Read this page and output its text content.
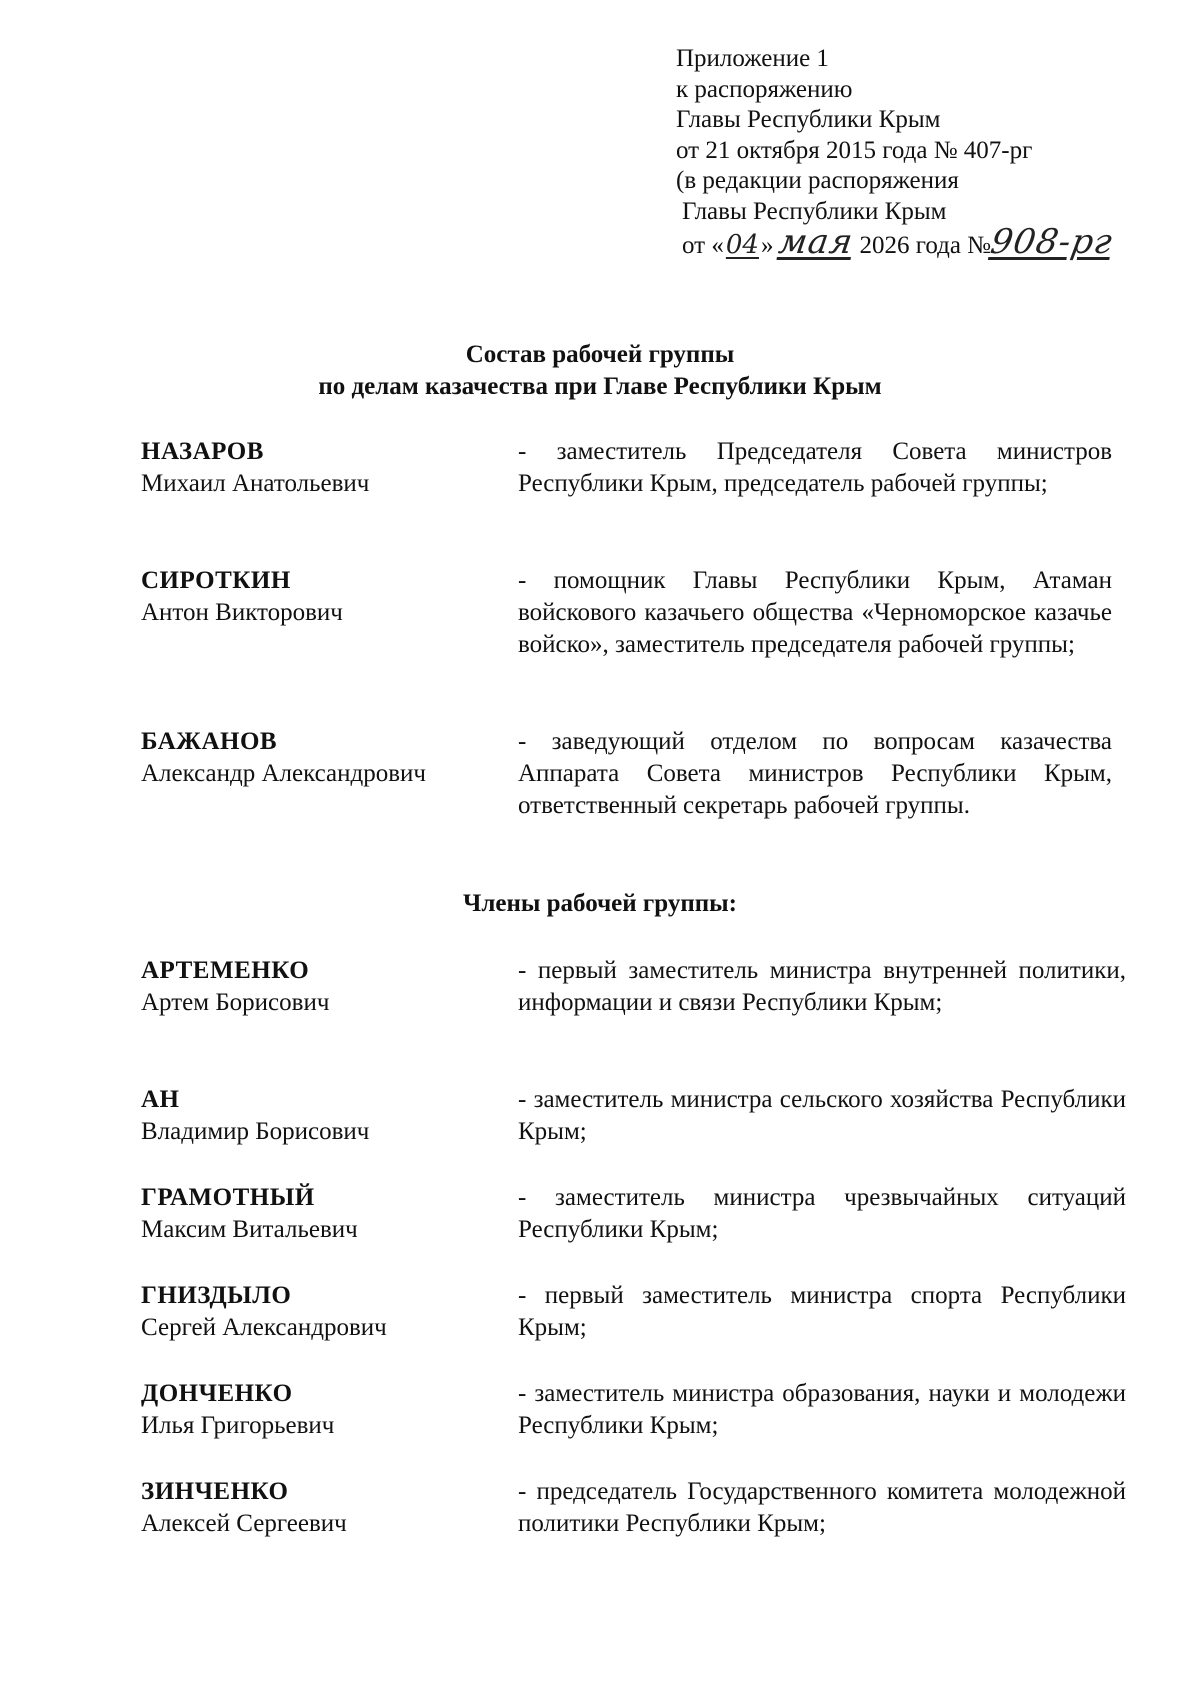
Приложение 1
к распоряжению
Главы Республики Крым
от 21 октября 2015 года № 407-рг
(в редакции распоряжения
Главы Республики Крым
от «04»мая 2026 года №908-рг
Состав рабочей группы
по делам казачества при Главе Республики Крым
НАЗАРОВ
Михаил Анатольевич
- заместитель Председателя Совета министров Республики Крым, председатель рабочей группы;
СИРОТКИН
Антон Викторович
- помощник Главы Республики Крым, Атаман войскового казачьего общества «Черноморское казачье войско», заместитель председателя рабочей группы;
БАЖАНОВ
Александр Александрович
- заведующий отделом по вопросам казачества Аппарата Совета министров Республики Крым, ответственный секретарь рабочей группы.
Члены рабочей группы:
АРТЕМЕНКО
Артем Борисович
- первый заместитель министра внутренней политики, информации и связи Республики Крым;
АН
Владимир Борисович
- заместитель министра сельского хозяйства Республики Крым;
ГРАМОТНЫЙ
Максим Витальевич
- заместитель министра чрезвычайных ситуаций Республики Крым;
ГНИЗДЫЛО
Сергей Александрович
- первый заместитель министра спорта Республики Крым;
ДОНЧЕНКО
Илья Григорьевич
- заместитель министра образования, науки и молодежи Республики Крым;
ЗИНЧЕНКО
Алексей Сергеевич
- председатель Государственного комитета молодежной политики Республики Крым;
